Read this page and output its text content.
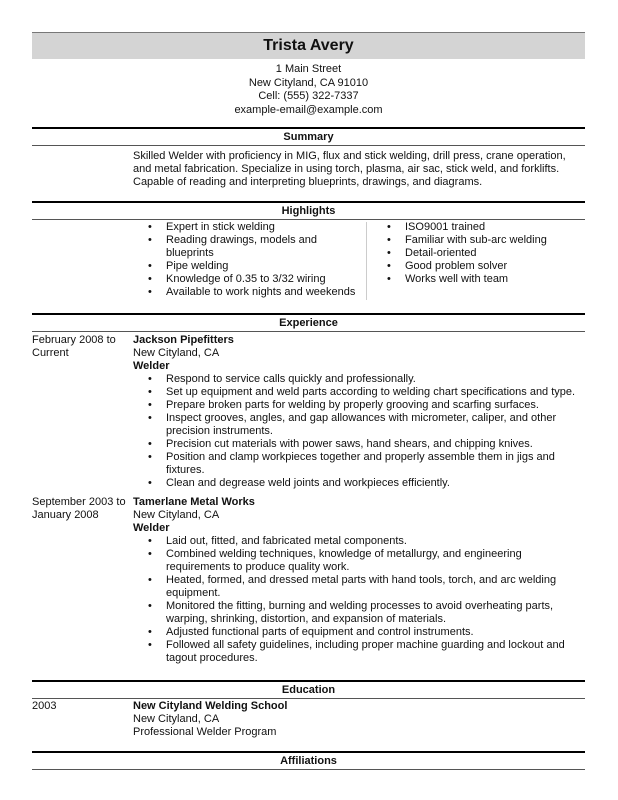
Trista Avery
1 Main Street
New Cityland, CA 91010
Cell: (555) 322-7337
example-email@example.com
Summary
Skilled Welder with proficiency in MIG, flux and stick welding, drill press, crane operation, and metal fabrication. Specialize in using torch, plasma, air sac, stick weld, and forklifts. Capable of reading and interpreting blueprints, drawings, and diagrams.
Highlights
• Expert in stick welding
• Reading drawings, models and blueprints
• Pipe welding
• Knowledge of 0.35 to 3/32 wiring
• Available to work nights and weekends
• ISO9001 trained
• Familiar with sub-arc welding
• Detail-oriented
• Good problem solver
• Works well with team
Experience
February 2008 to Current
Jackson Pipefitters
New Cityland, CA
Welder
• Respond to service calls quickly and professionally.
• Set up equipment and weld parts according to welding chart specifications and type.
• Prepare broken parts for welding by properly grooving and scarfing surfaces.
• Inspect grooves, angles, and gap allowances with micrometer, caliper, and other precision instruments.
• Precision cut materials with power saws, hand shears, and chipping knives.
• Position and clamp workpieces together and properly assemble them in jigs and fixtures.
• Clean and degrease weld joints and workpieces efficiently.
September 2003 to January 2008
Tamerlane Metal Works
New Cityland, CA
Welder
• Laid out, fitted, and fabricated metal components.
• Combined welding techniques, knowledge of metallurgy, and engineering requirements to produce quality work.
• Heated, formed, and dressed metal parts with hand tools, torch, and arc welding equipment.
• Monitored the fitting, burning and welding processes to avoid overheating parts, warping, shrinking, distortion, and expansion of materials.
• Adjusted functional parts of equipment and control instruments.
• Followed all safety guidelines, including proper machine guarding and lockout and tagout procedures.
Education
2003	New Cityland Welding School
New Cityland, CA
Professional Welder Program
Affiliations
